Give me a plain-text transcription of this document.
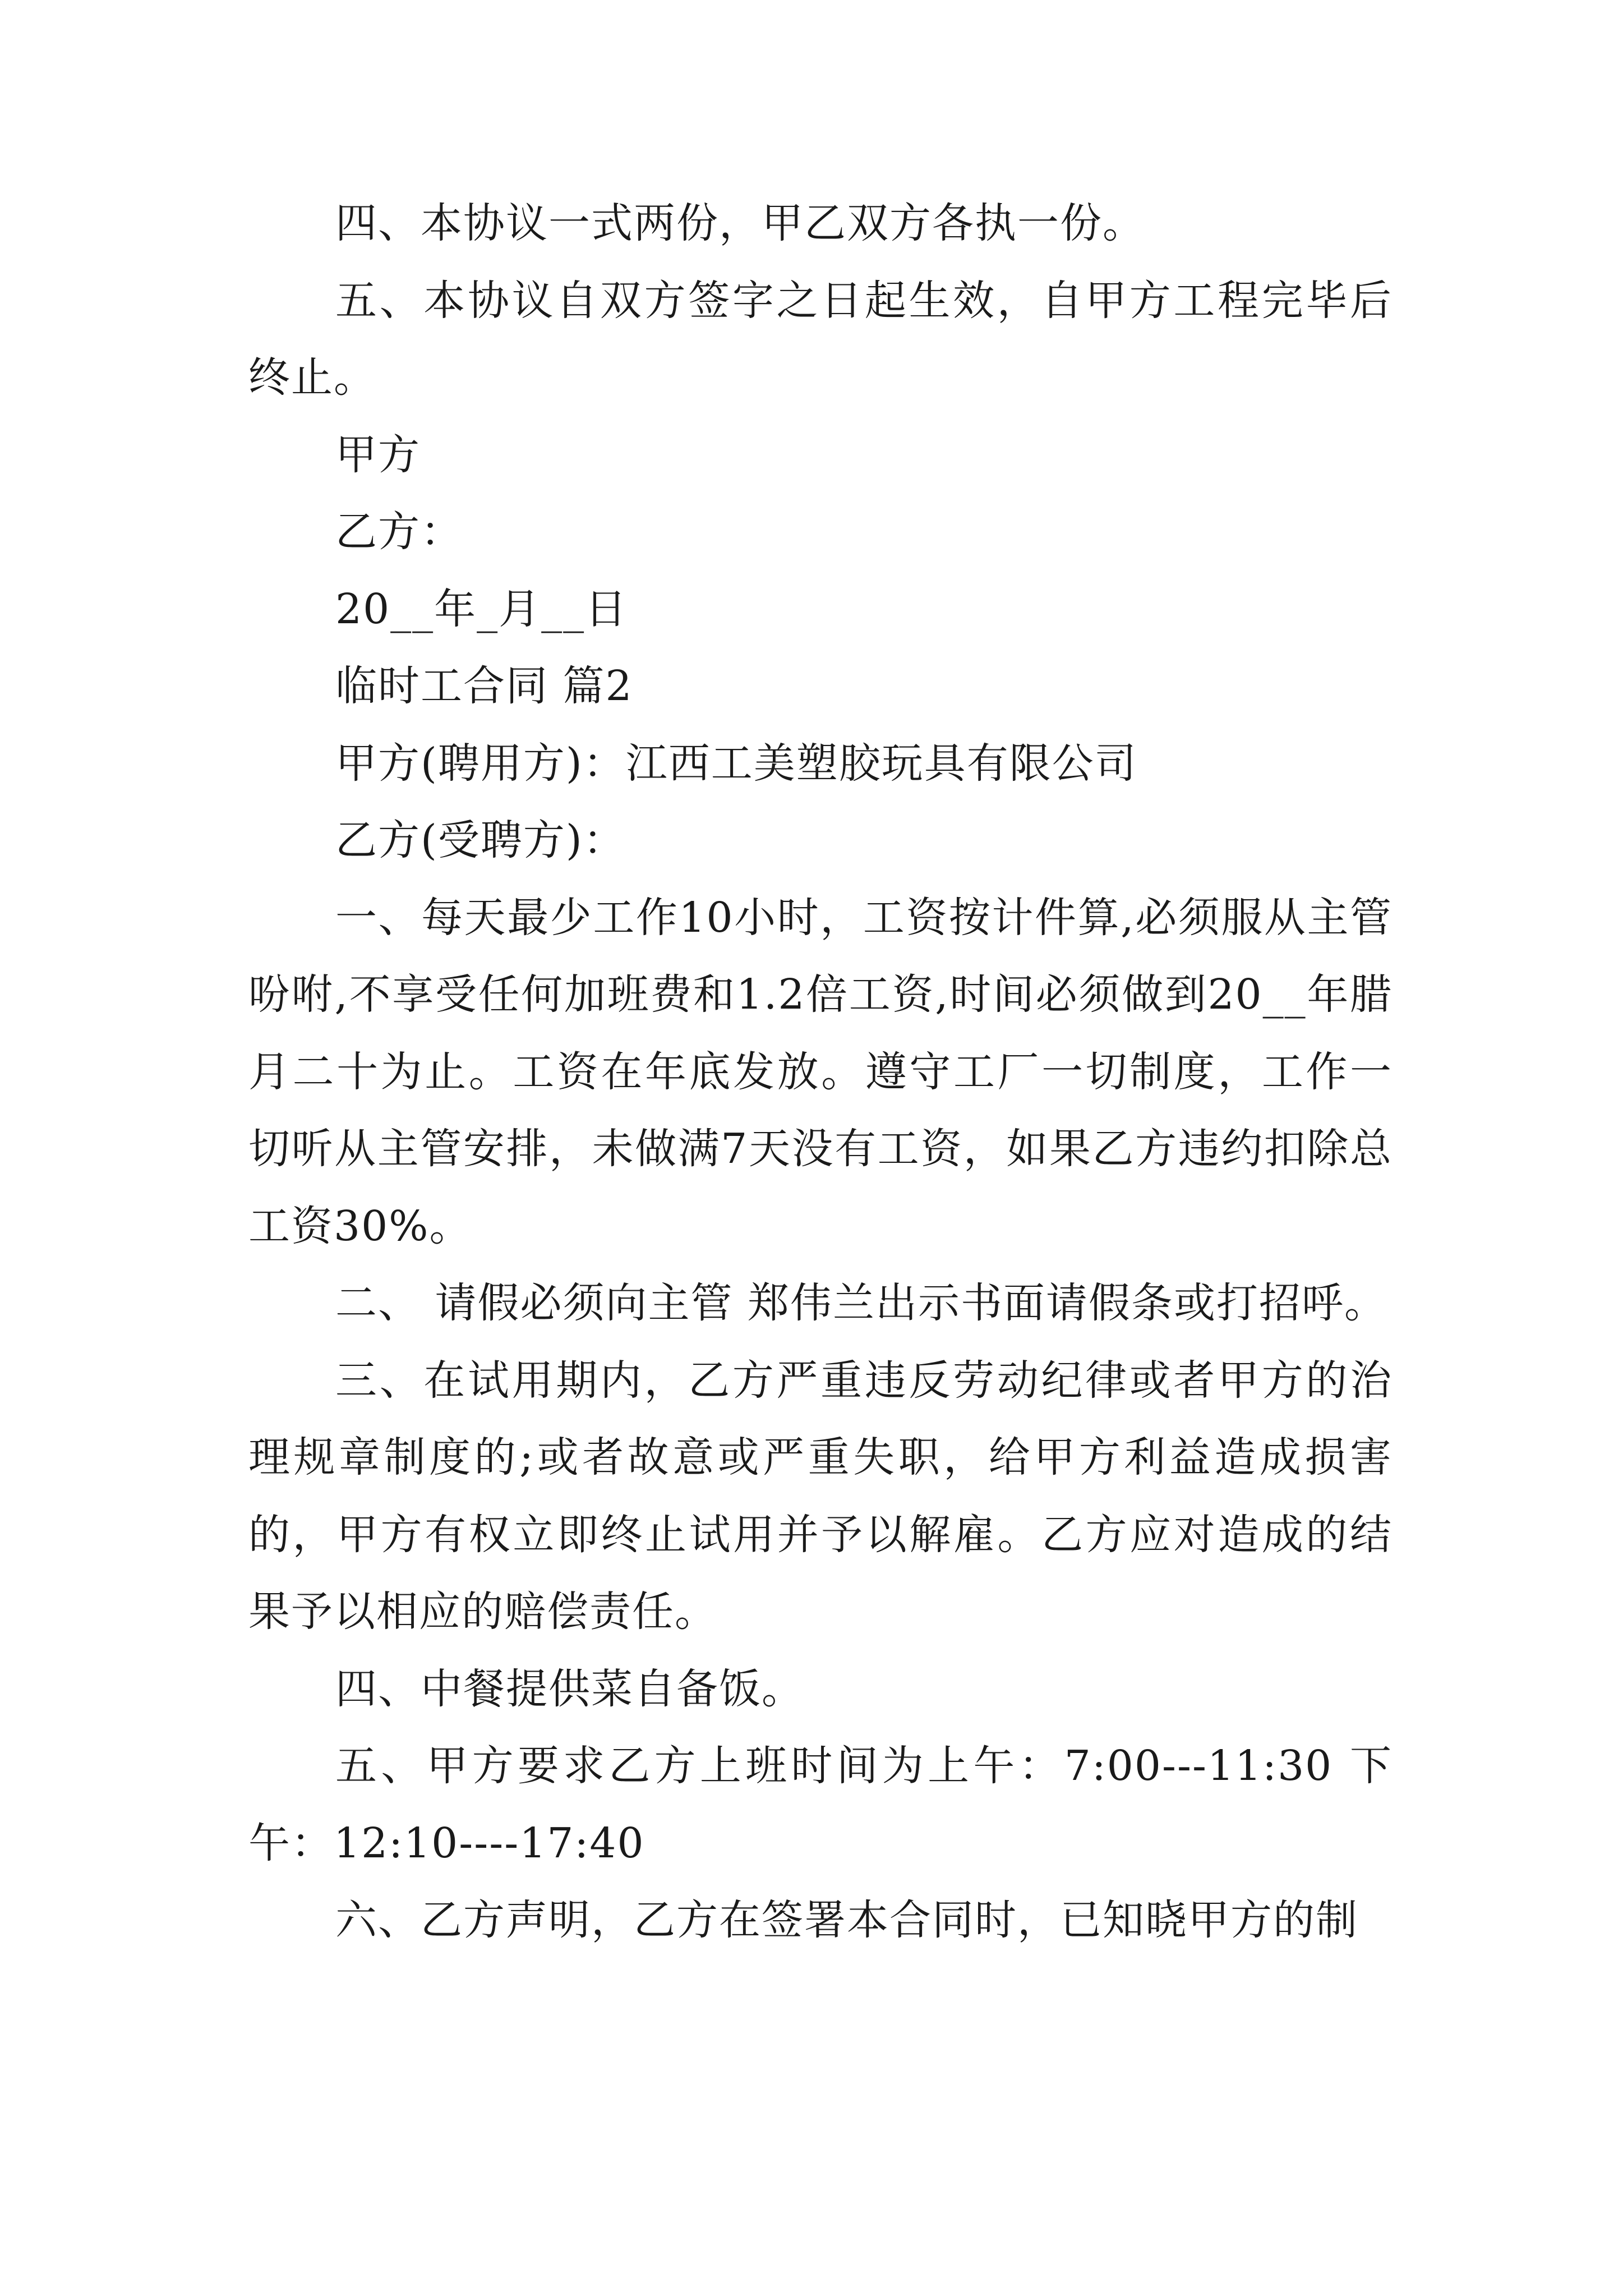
四、本协议一式两份，甲乙双方各执一份。

五、本协议自双方签字之日起生效，自甲方工程完毕后终止。

甲方

乙方：

20__年_月__日

临时工合同 篇2

甲方(聘用方)：江西工美塑胶玩具有限公司

乙方(受聘方)：

一、每天最少工作10小时，工资按计件算,必须服从主管吩咐,不享受任何加班费和1.2倍工资,时间必须做到20__年腊月二十为止。工资在年底发放。遵守工厂一切制度，工作一切听从主管安排，未做满7天没有工资，如果乙方违约扣除总工资30%。

二、 请假必须向主管 郑伟兰出示书面请假条或打招呼。

三、在试用期内，乙方严重违反劳动纪律或者甲方的治理规章制度的;或者故意或严重失职，给甲方利益造成损害的，甲方有权立即终止试用并予以解雇。乙方应对造成的结果予以相应的赔偿责任。

四、中餐提供菜自备饭。

五、甲方要求乙方上班时间为上午：7:00---11:30 下午：12:10----17:40

六、乙方声明，乙方在签署本合同时，已知晓甲方的制
